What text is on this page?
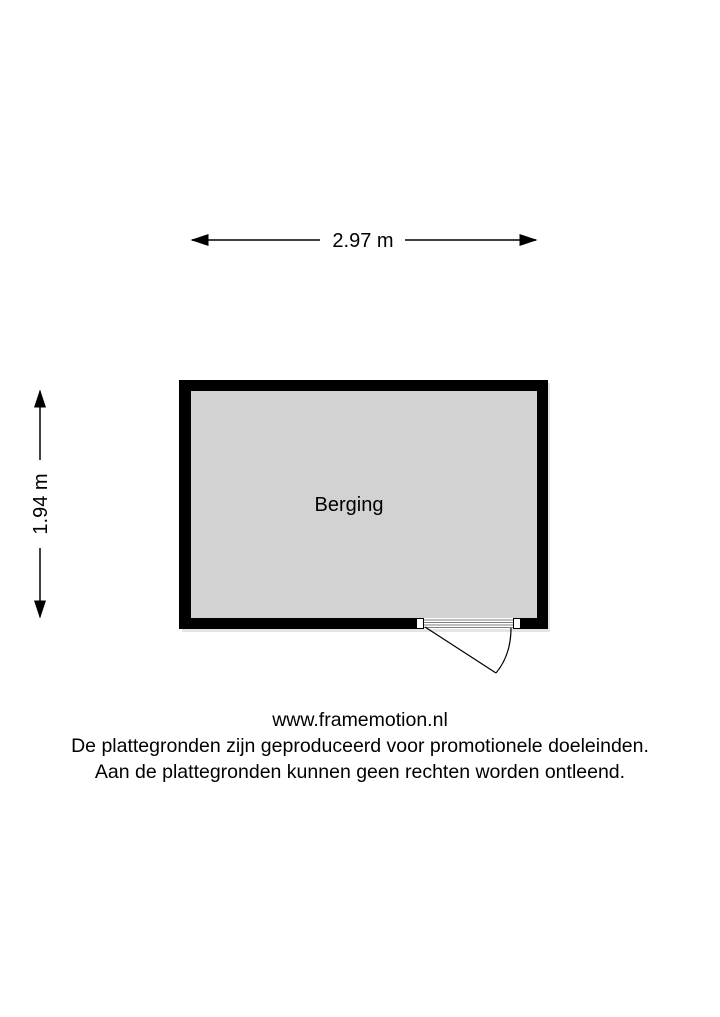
2.97 m
1.94 m	Berging
www.framemotion.nl
De plattegronden zijn geproduceerd voor promotionele doeleinden.
Aan de plattegronden kunnen geen rechten worden ontleend.
